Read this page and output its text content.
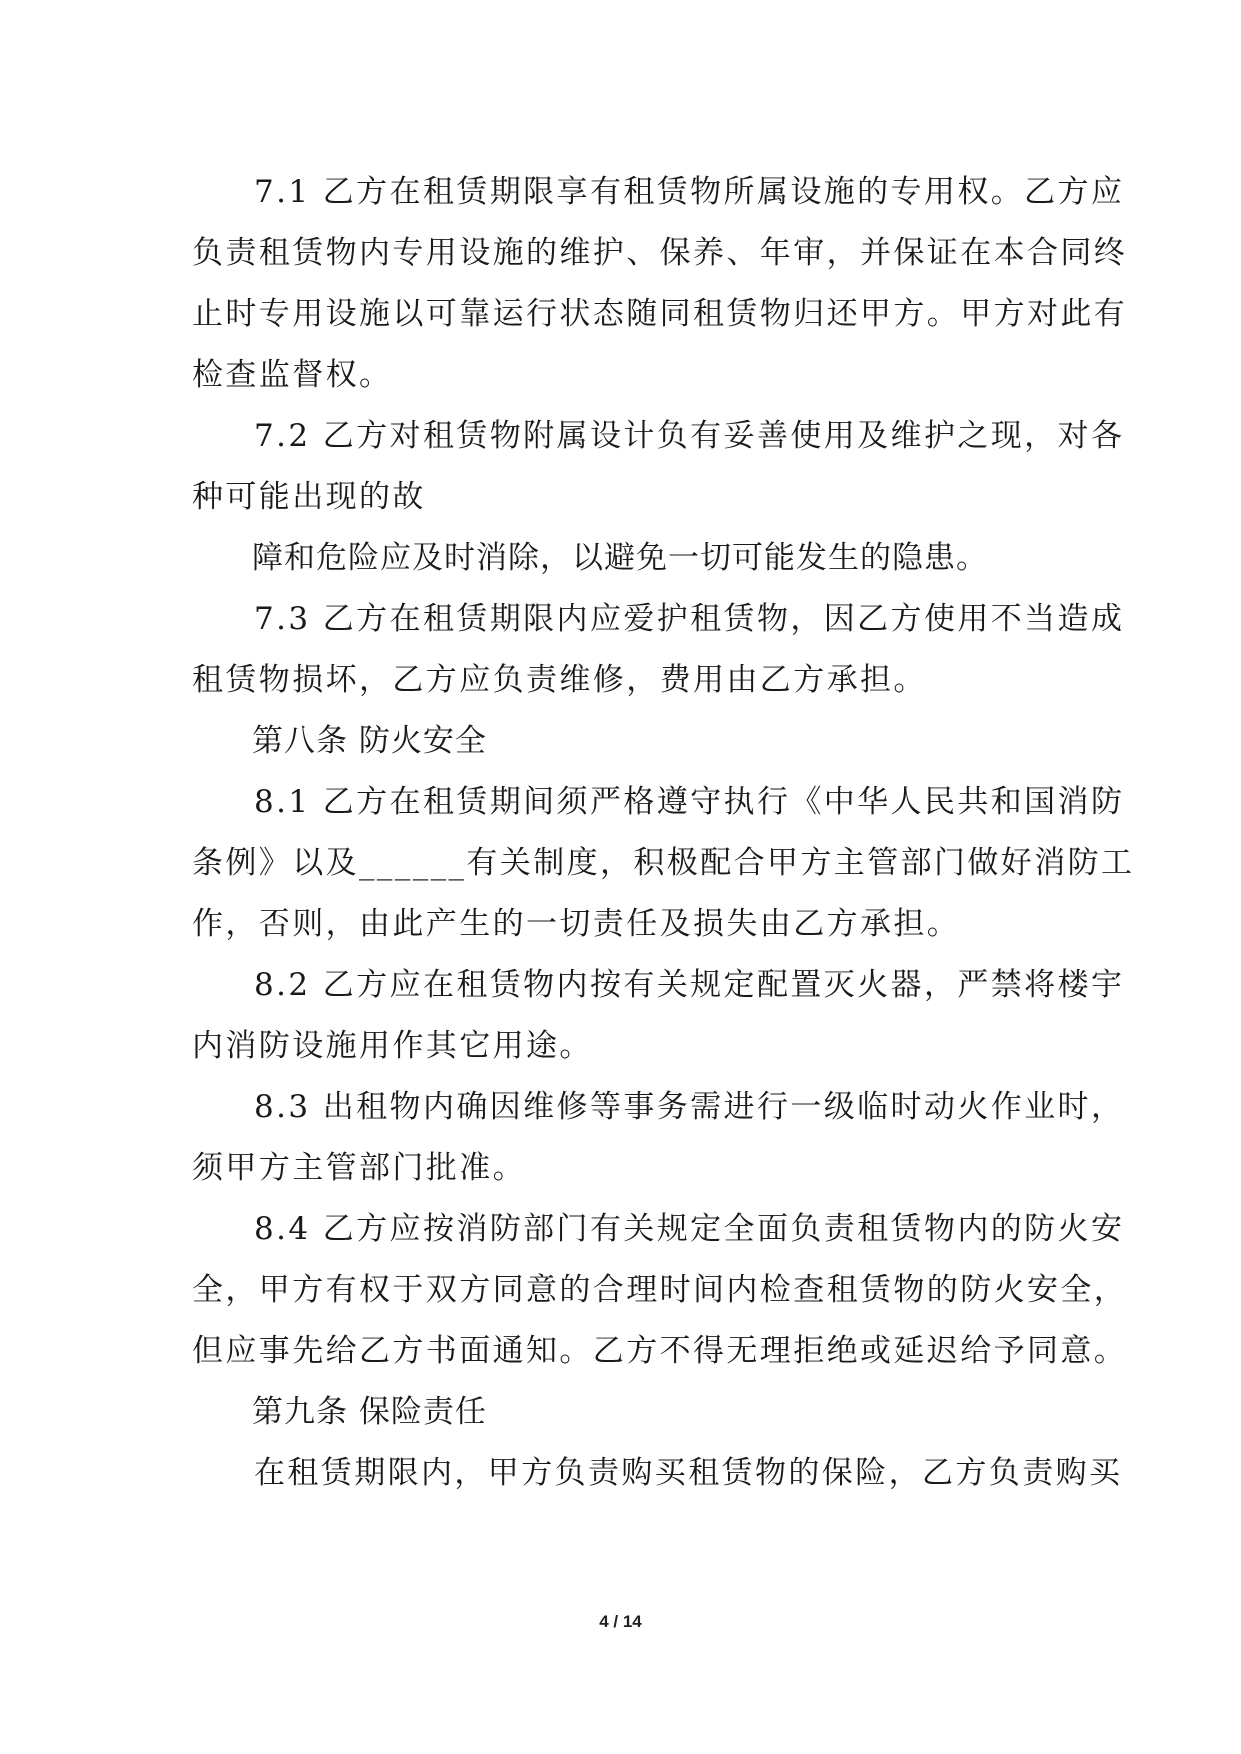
7.1 乙方在租赁期限享有租赁物所属设施的专用权。乙方应

负责租赁物内专用设施的维护、保养、年审，并保证在本合同终

止时专用设施以可靠运行状态随同租赁物归还甲方。甲方对此有

检查监督权。

7.2 乙方对租赁物附属设计负有妥善使用及维护之现，对各

种可能出现的故

障和危险应及时消除，以避免一切可能发生的隐患。

7.3 乙方在租赁期限内应爱护租赁物，因乙方使用不当造成

租赁物损坏，乙方应负责维修，费用由乙方承担。

第八条 防火安全

8.1 乙方在租赁期间须严格遵守执行《中华人民共和国消防

条例》以及______有关制度，积极配合甲方主管部门做好消防工

作，否则，由此产生的一切责任及损失由乙方承担。

8.2 乙方应在租赁物内按有关规定配置灭火器，严禁将楼宇

内消防设施用作其它用途。

8.3 出租物内确因维修等事务需进行一级临时动火作业时，

须甲方主管部门批准。

8.4 乙方应按消防部门有关规定全面负责租赁物内的防火安

全，甲方有权于双方同意的合理时间内检查租赁物的防火安全，

但应事先给乙方书面通知。乙方不得无理拒绝或延迟给予同意。

第九条 保险责任

在租赁期限内，甲方负责购买租赁物的保险，乙方负责购买

4 / 14
